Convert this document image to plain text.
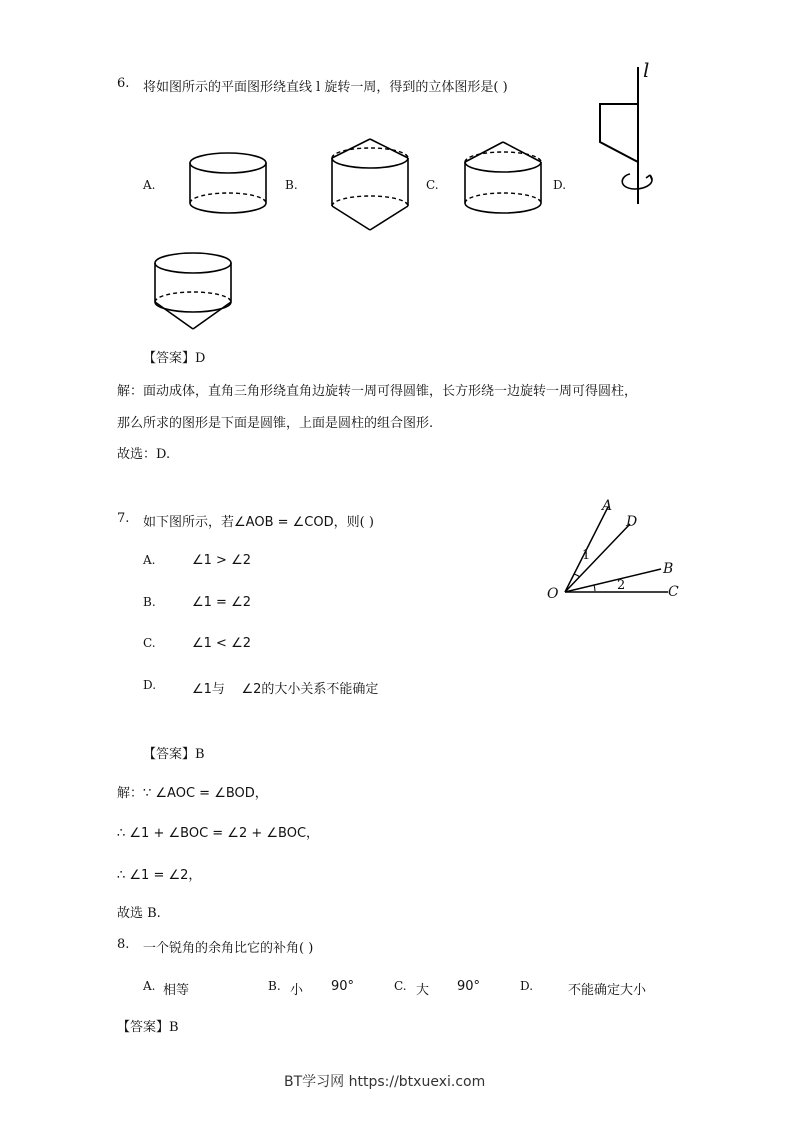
6. 将如图所示的平面图形绕直线 l 旋转一周，得到的立体图形是( )
l
A.	B.	C.	D.
【答案】D
解：面动成体，直角三角形绕直角边旋转一周可得圆锥，长方形绕一边旋转一周可得圆柱，
那么所求的图形是下面是圆锥，上面是圆柱的组合图形.
故选：D.
7. 如下图所示，若∠AOB = ∠COD，则( )
A.	∠1 > ∠2
B.	∠1 = ∠2
C.	∠1 < ∠2
D.	∠1与    ∠2的大小关系不能确定
A
D
B
C
O
1
2
【答案】B
解：∵ ∠AOC = ∠BOD，
∴ ∠1 + ∠BOC = ∠2 + ∠BOC，
∴ ∠1 = ∠2，
故选 B.
8. 一个锐角的余角比它的补角( )
A. 相等	B. 小 90°	C. 大 90°	D.	不能确定大小
【答案】B
BT学习网 https://btxuexi.com
